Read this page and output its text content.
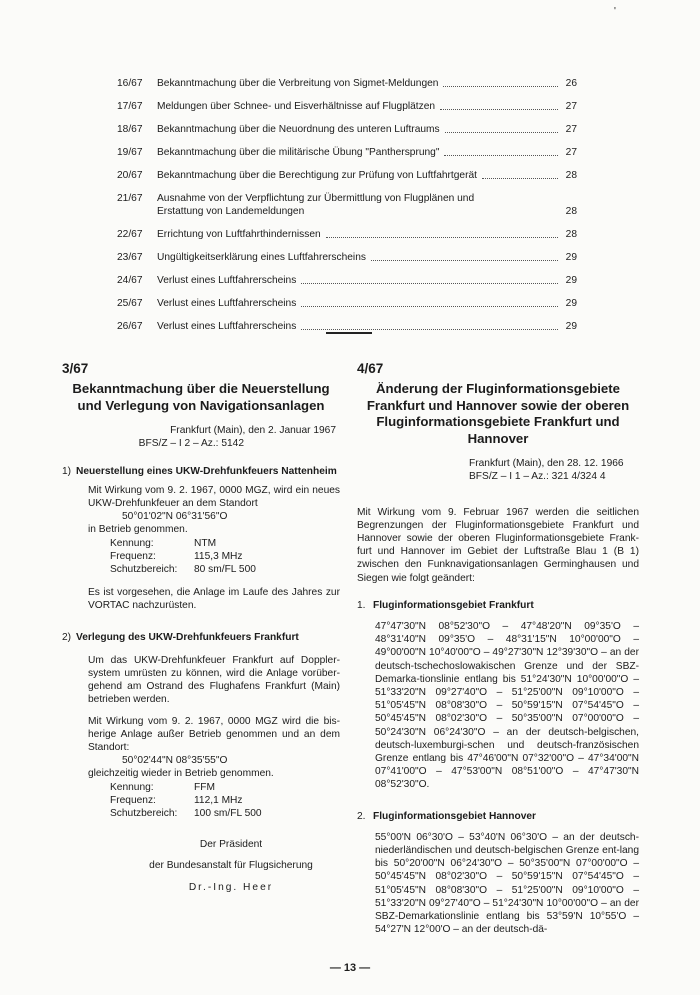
'
16/67	Bekanntmachung über die Verbreitung von Sigmet-Meldungen	26
17/67	Meldungen über Schnee- und Eisverhältnisse auf Flugplätzen	27
18/67	Bekanntmachung über die Neuordnung des unteren Luftraums	27
19/67	Bekanntmachung über die militärische Übung "Panthersprung"	27
20/67	Bekanntmachung über die Berechtigung zur Prüfung von Luftfahrtgerät	28
21/67	Ausnahme von der Verpflichtung zur Übermittlung von Flugplänen und Erstattung von Landemeldungen	28
22/67	Errichtung von Luftfahrthindernissen	28
23/67	Ungültigkeitserklärung eines Luftfahrerscheins	29
24/67	Verlust eines Luftfahrerscheins	29
25/67	Verlust eines Luftfahrerscheins	29
26/67	Verlust eines Luftfahrerscheins	29
3/67
Bekanntmachung über die Neuerstellung und Verlegung von Navigationsanlagen
Frankfurt (Main), den 2. Januar 1967
BFS/Z – I 2 – Az.: 5142
1) Neuerstellung eines UKW-Drehfunkfeuers Nattenheim
Mit Wirkung vom 9. 2. 1967, 0000 MGZ, wird ein neues UKW-Drehfunkfeuer an dem Standort
50°01'02"N 06°31'56"O
in Betrieb genommen.
Kennung:	NTM
Frequenz:	115,3 MHz
Schutzbereich:	80 sm/FL 500
Es ist vorgesehen, die Anlage im Laufe des Jahres zur VORTAC nachzurüsten.
2) Verlegung des UKW-Drehfunkfeuers Frankfurt
Um das UKW-Drehfunkfeuer Frankfurt auf Doppler-system umrüsten zu können, wird die Anlage vorüber-gehend am Ostrand des Flughafens Frankfurt (Main) betrieben werden.
Mit Wirkung vom 9. 2. 1967, 0000 MGZ wird die bis-herige Anlage außer Betrieb genommen und an dem Standort:
50°02'44"N 08°35'55"O
gleichzeitig wieder in Betrieb genommen.
Kennung:	FFM
Frequenz:	112,1 MHz
Schutzbereich:	100 sm/FL 500
Der Präsident
der Bundesanstalt für Flugsicherung
Dr.-Ing. Heer
4/67
Änderung der Fluginformationsgebiete Frankfurt und Hannover sowie der oberen Fluginformationsgebiete Frankfurt und Hannover
Frankfurt (Main), den 28. 12. 1966
BFS/Z – I 1 – Az.: 321 4/324 4
Mit Wirkung vom 9. Februar 1967 werden die seitlichen Begrenzungen der Fluginformationsgebiete Frankfurt und Hannover sowie der oberen Fluginformationsgebiete Frank-furt und Hannover im Gebiet der Luftstraße Blau 1 (B 1) zwischen den Funknavigationsanlagen Germinghausen und Siegen wie folgt geändert:
1. Fluginformationsgebiet Frankfurt
47°47'30"N 08°52'30"O – 47°48'20"N 09°35'O – 48°31'40"N 09°35'O – 48°31'15"N 10°00'00"O – 49°00'00"N 10°40'00"O – 49°27'30"N 12°39'30"O – an der deutsch-tschechoslowakischen Grenze und der SBZ-Demarka-tionslinie entlang bis 51°24'30"N 10°00'00"O – 51°33'20"N 09°27'40"O – 51°25'00"N 09°10'00"O – 51°05'45"N 08°08'30"O – 50°59'15"N 07°54'45"O – 50°45'45"N 08°02'30"O – 50°35'00"N 07°00'00"O – 50°24'30"N 06°24'30"O – an der deutsch-belgischen, deutsch-luxemburgi-schen und deutsch-französischen Grenze entlang bis 47°46'00"N 07°32'00"O – 47°34'00"N 07°41'00"O – 47°53'00"N 08°51'00"O – 47°47'30"N 08°52'30"O.
2. Fluginformationsgebiet Hannover
55°00'N 06°30'O – 53°40'N 06°30'O – an der deutsch-niederländischen und deutsch-belgischen Grenze ent-lang bis 50°20'00"N 06°24'30"O – 50°35'00"N 07°00'00"O – 50°45'45"N 08°02'30"O – 50°59'15"N 07°54'45"O – 51°05'45"N 08°08'30"O – 51°25'00"N 09°10'00"O – 51°33'20"N 09°27'40"O – 51°24'30"N 10°00'00"O – an der SBZ-Demarkationslinie entlang bis 53°59'N 10°55'O – 54°27'N 12°00'O – an der deutsch-dä-
— 13 —
